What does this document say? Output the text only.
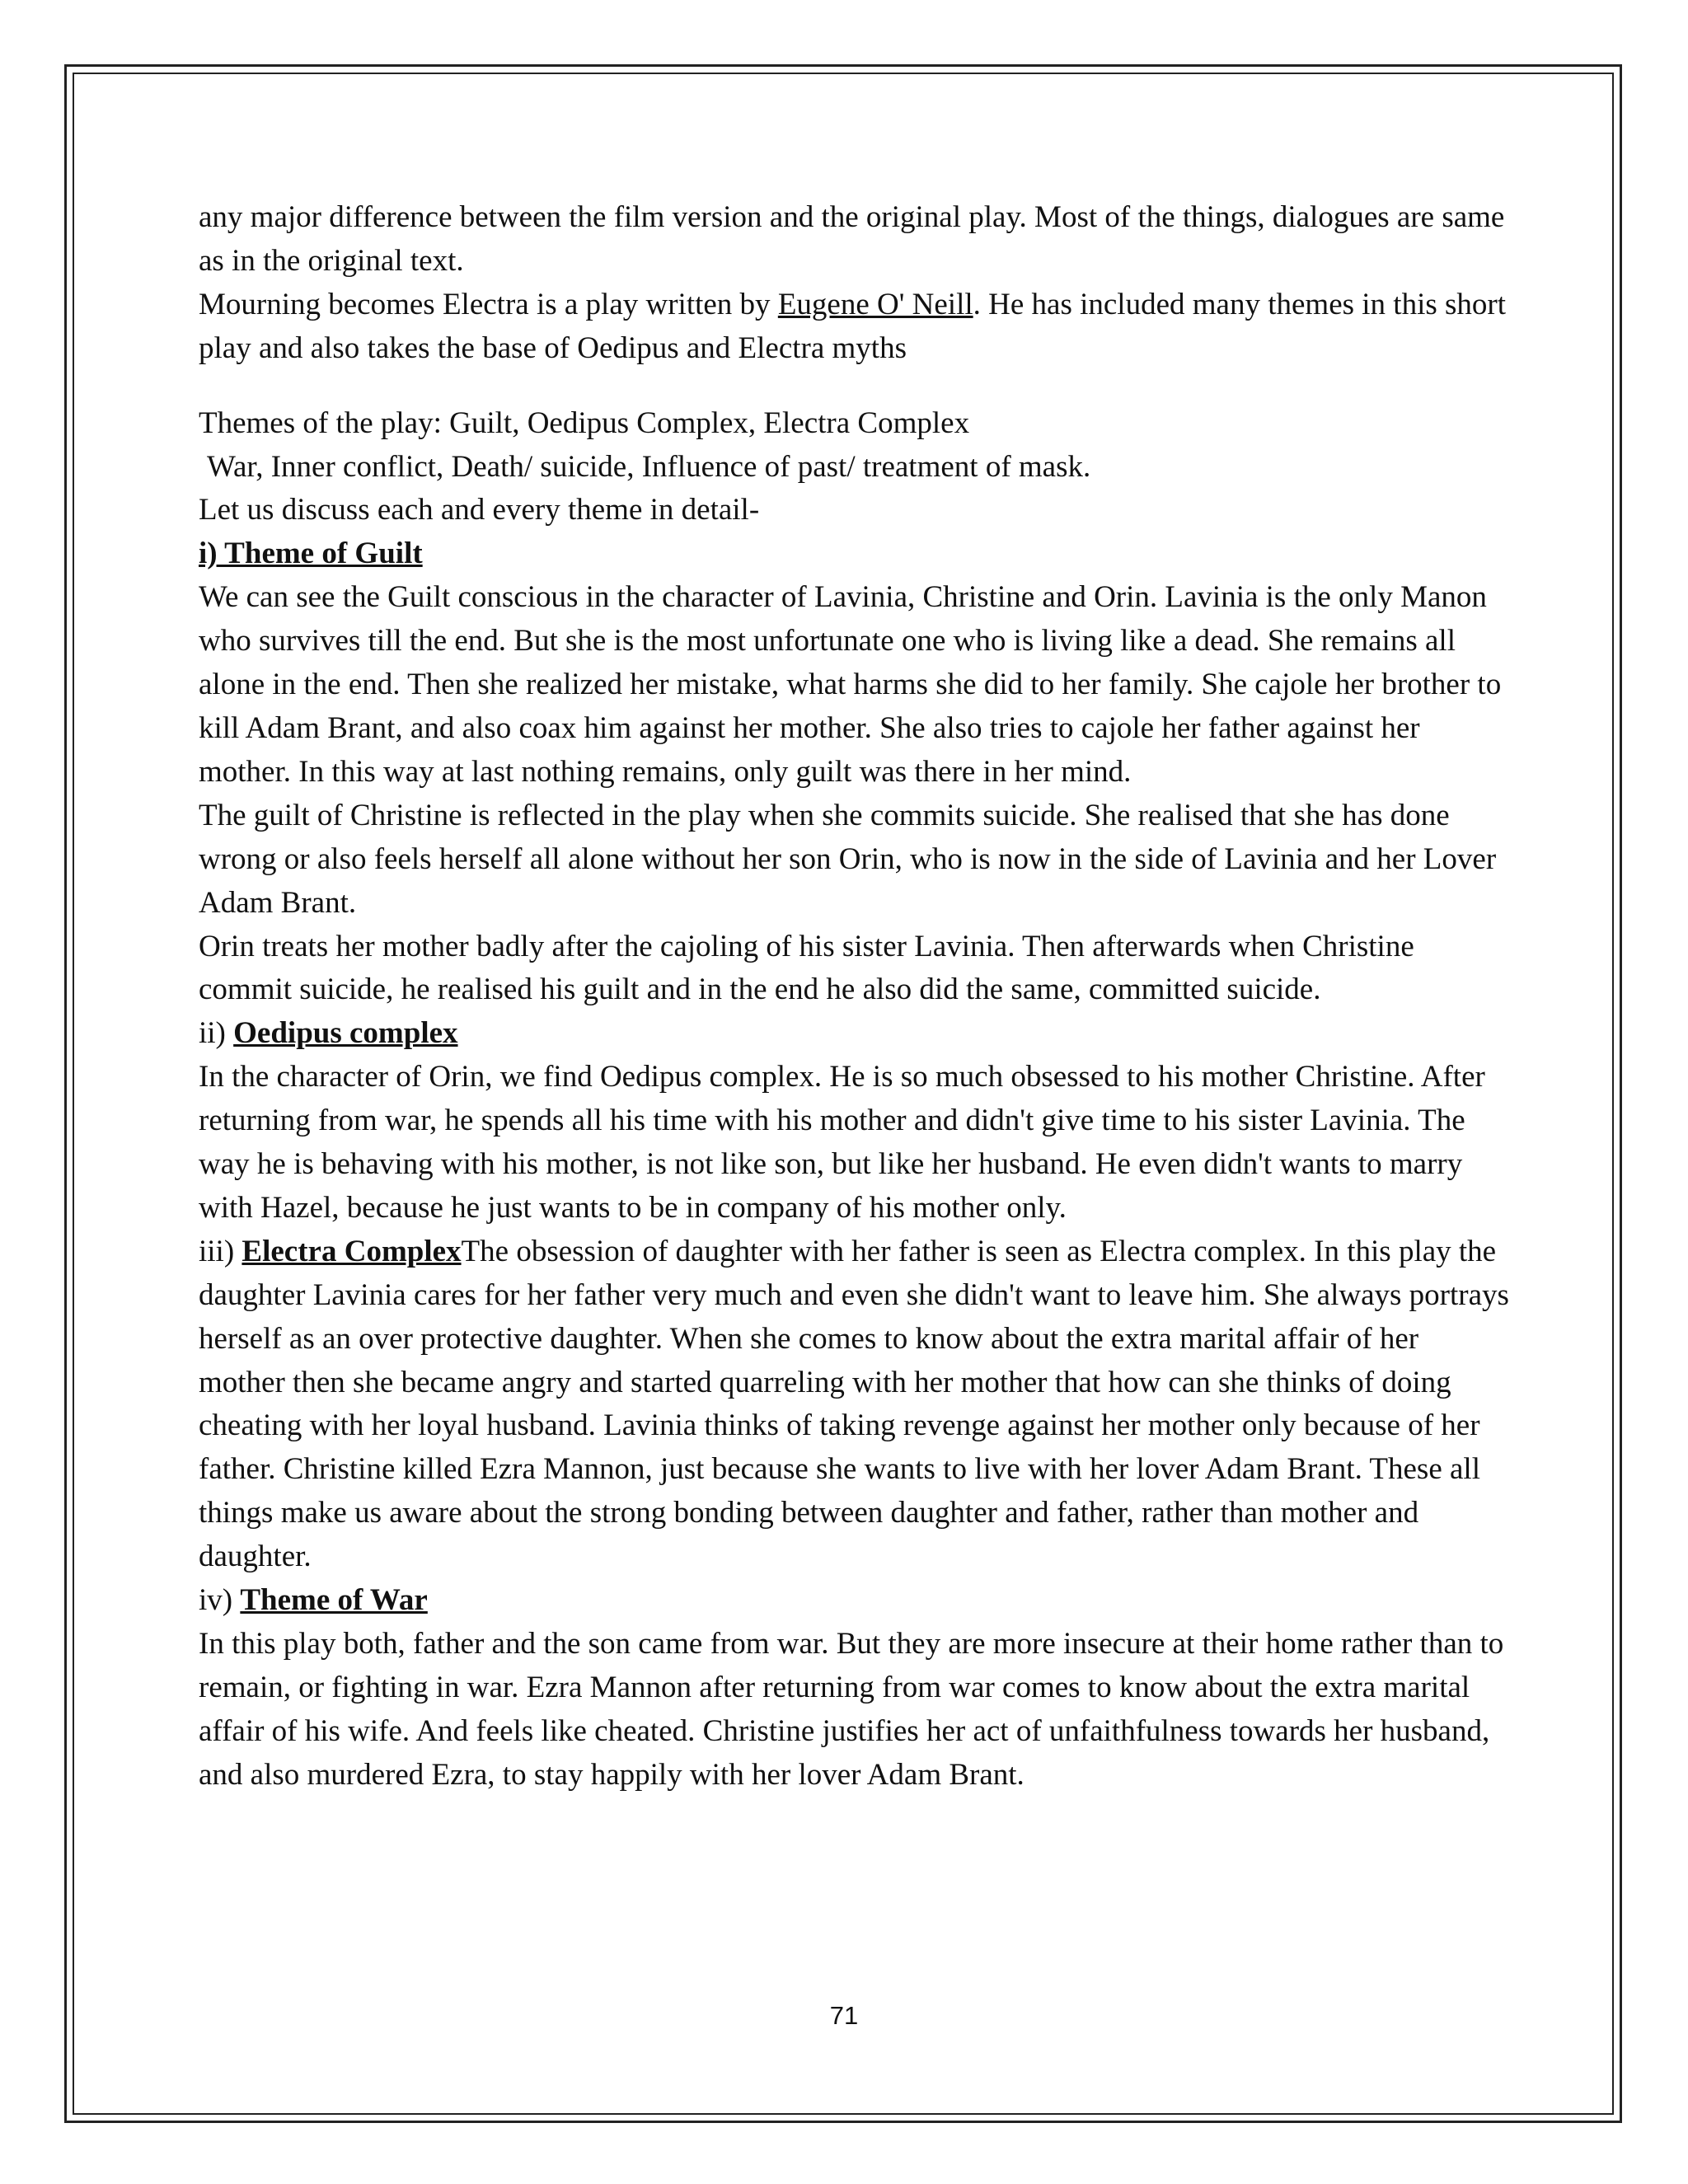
any major difference between the film version and the original play. Most of the things, dialogues are same as in the original text.

Mourning becomes Electra is a play written by Eugene O' Neill. He has included many themes in this short play and also takes the base of Oedipus and Electra myths

Themes of the play: Guilt, Oedipus Complex, Electra Complex

War, Inner conflict, Death/ suicide, Influence of past/ treatment of mask.

Let us discuss each and every theme in detail-

i) Theme of Guilt

We can see the Guilt conscious in the character of Lavinia, Christine and Orin. Lavinia is the only Manon who survives till the end. But she is the most unfortunate one who is living like a dead. She remains all alone in the end. Then she realized her mistake, what harms she did to her family. She cajole her brother to kill Adam Brant, and also coax him against her mother. She also tries to cajole her father against her mother. In this way at last nothing remains, only guilt was there in her mind.

The guilt of Christine is reflected in the play when she commits suicide. She realised that she has done wrong or also feels herself all alone without her son Orin, who is now in the side of Lavinia and her Lover Adam Brant.

Orin treats her mother badly after the cajoling of his sister Lavinia. Then afterwards when Christine commit suicide, he realised his guilt and in the end he also did the same, committed suicide.

ii) Oedipus complex

In the character of Orin, we find Oedipus complex. He is so much obsessed to his mother Christine. After returning from war, he spends all his time with his mother and didn't give time to his sister Lavinia. The way he is behaving with his mother, is not like son, but like her husband. He even didn't wants to marry with Hazel, because he just wants to be in company of his mother only.

iii) Electra ComplexThe obsession of daughter with her father is seen as Electra complex. In this play the daughter Lavinia cares for her father very much and even she didn't want to leave him. She always portrays herself as an over protective daughter. When she comes to know about the extra marital affair of her mother then she became angry and started quarreling with her mother that how can she thinks of doing cheating with her loyal husband. Lavinia thinks of taking revenge against her mother only because of her father. Christine killed Ezra Mannon, just because she wants to live with her lover Adam Brant. These all things make us aware about the strong bonding between daughter and father, rather than mother and daughter.

iv) Theme of War

In this play both, father and the son came from war. But they are more insecure at their home rather than to remain, or fighting in war. Ezra Mannon after returning from war comes to know about the extra marital affair of his wife. And feels like cheated. Christine justifies her act of unfaithfulness towards her husband, and also murdered Ezra, to stay happily with her lover Adam Brant.

71
